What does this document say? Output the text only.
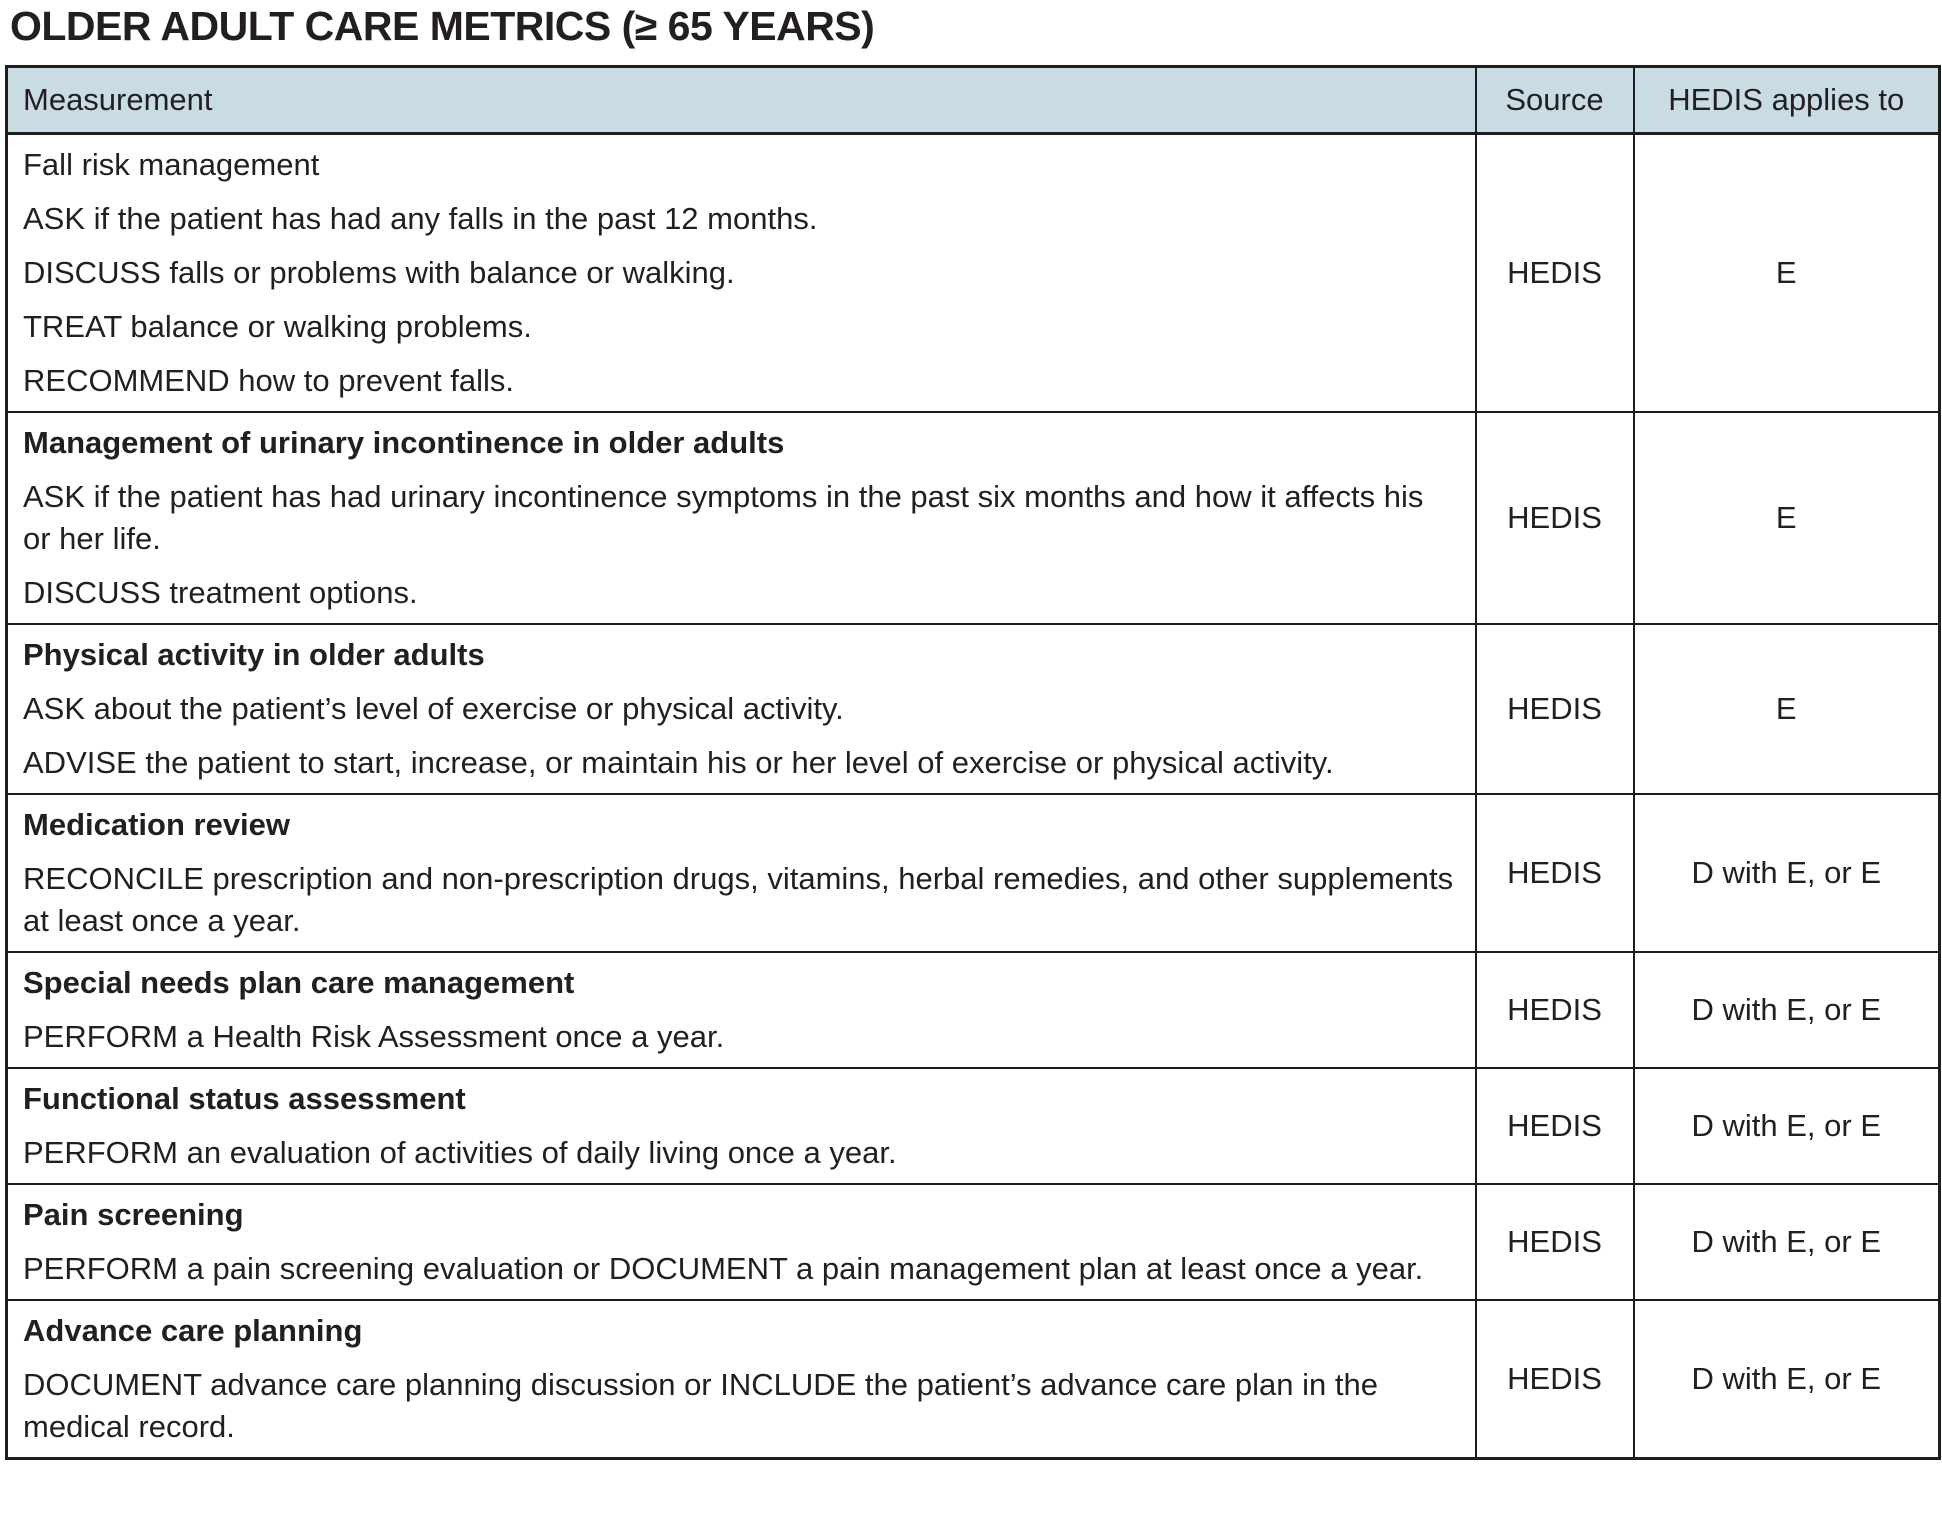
OLDER ADULT CARE METRICS (≥ 65 YEARS)
Measurement	Source	HEDIS applies to

Fall risk management

ASK if the patient has had any falls in the past 12 months.

DISCUSS falls or problems with balance or walking.

TREAT balance or walking problems.

RECOMMEND how to prevent falls.	HEDIS	E

Management of urinary incontinence in older adults

ASK if the patient has had urinary incontinence symptoms in the past six months and how it affects his or her life.

DISCUSS treatment options.	HEDIS	E

Physical activity in older adults

ASK about the patient’s level of exercise or physical activity.

ADVISE the patient to start, increase, or maintain his or her level of exercise or physical activity.	HEDIS	E

Medication review

RECONCILE prescription and non-prescription drugs, vitamins, herbal remedies, and other supplements at least once a year.	HEDIS	D with E, or E

Special needs plan care management

PERFORM a Health Risk Assessment once a year.	HEDIS	D with E, or E

Functional status assessment

PERFORM an evaluation of activities of daily living once a year.	HEDIS	D with E, or E

Pain screening

PERFORM a pain screening evaluation or DOCUMENT a pain management plan at least once a year.	HEDIS	D with E, or E

Advance care planning

DOCUMENT advance care planning discussion or INCLUDE the patient’s advance care plan in the medical record.	HEDIS	D with E, or E
